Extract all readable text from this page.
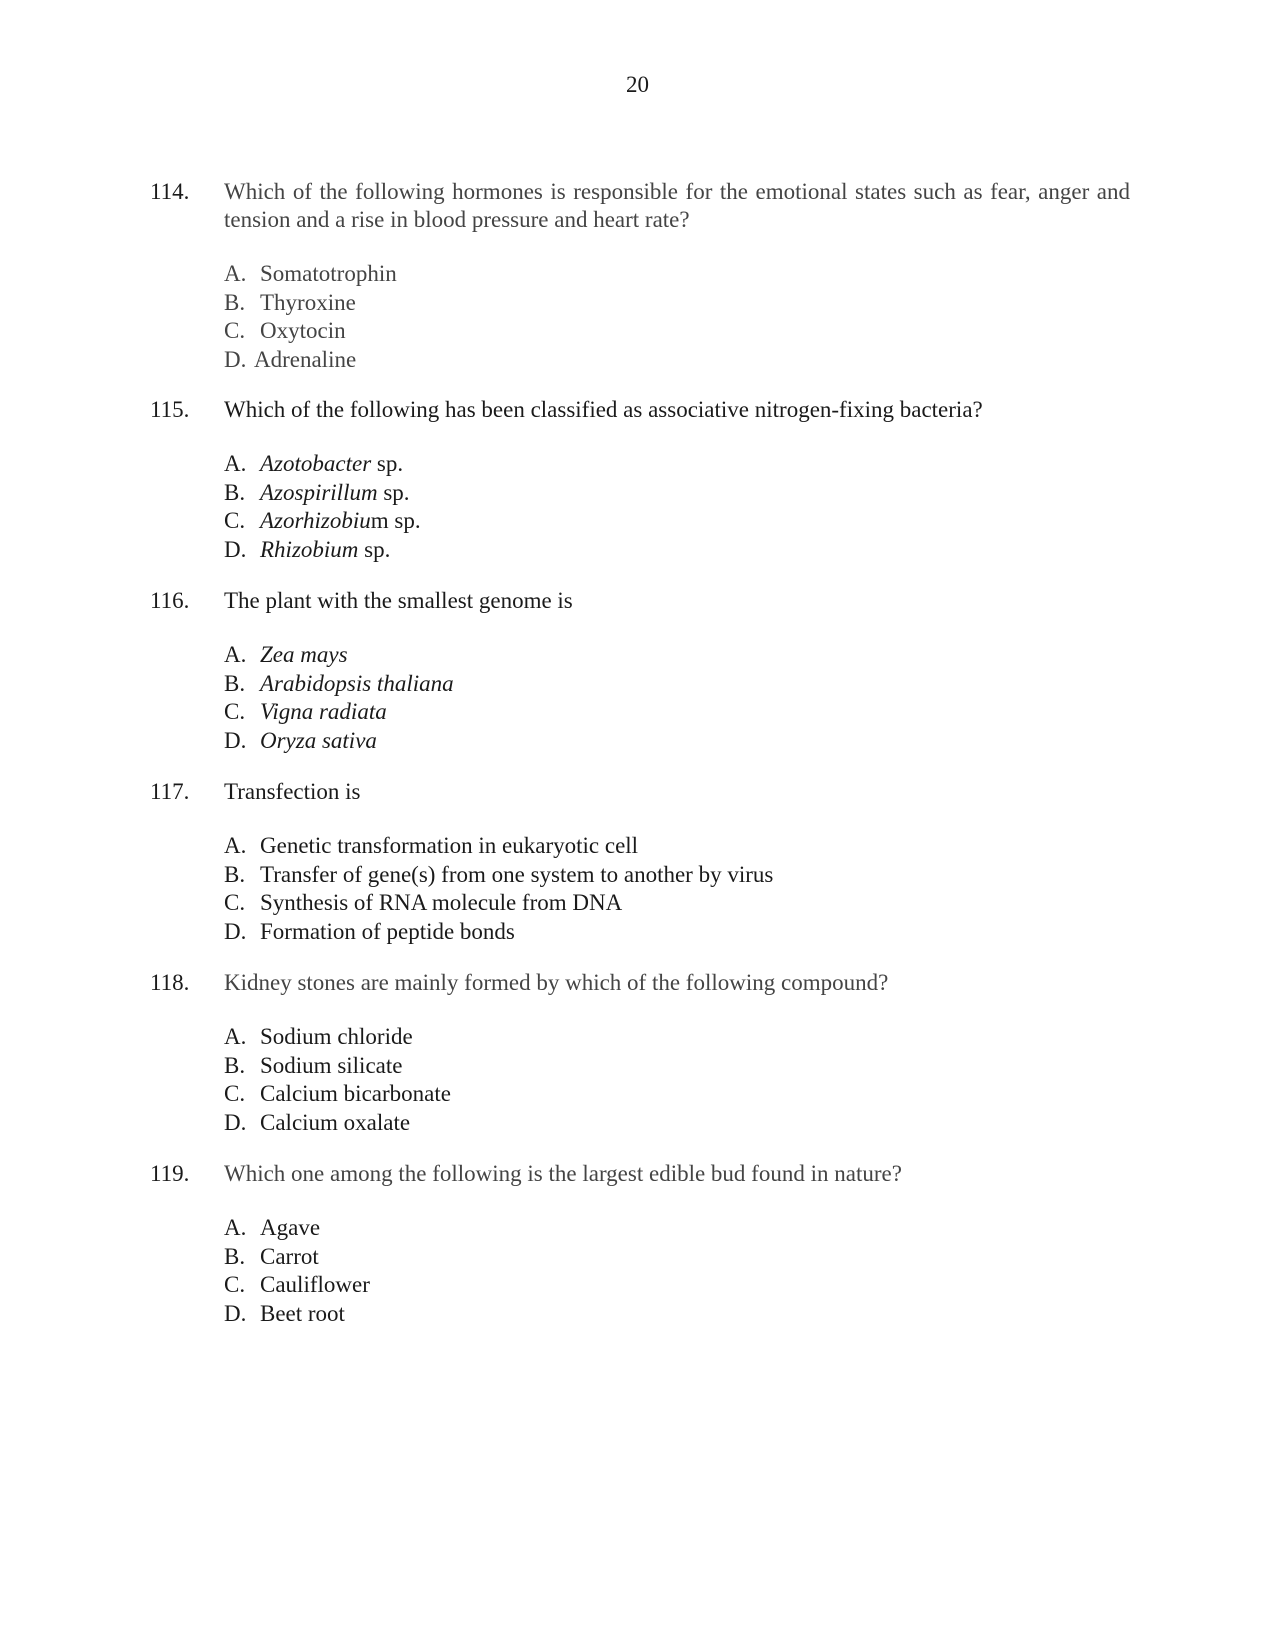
20
114. Which of the following hormones is responsible for the emotional states such as fear, anger and tension and a rise in blood pressure and heart rate?
A. Somatotrophin
B. Thyroxine
C. Oxytocin
D. Adrenaline
115. Which of the following has been classified as associative nitrogen-fixing bacteria?
A. Azotobacter sp.
B. Azospirillum sp.
C. Azorhizobium sp.
D. Rhizobium sp.
116. The plant with the smallest genome is
A. Zea mays
B. Arabidopsis thaliana
C. Vigna radiata
D. Oryza sativa
117. Transfection is
A. Genetic transformation in eukaryotic cell
B. Transfer of gene(s) from one system to another by virus
C. Synthesis of RNA molecule from DNA
D. Formation of peptide bonds
118. Kidney stones are mainly formed by which of the following compound?
A. Sodium chloride
B. Sodium silicate
C. Calcium bicarbonate
D. Calcium oxalate
119. Which one among the following is the largest edible bud found in nature?
A. Agave
B. Carrot
C. Cauliflower
D. Beet root
